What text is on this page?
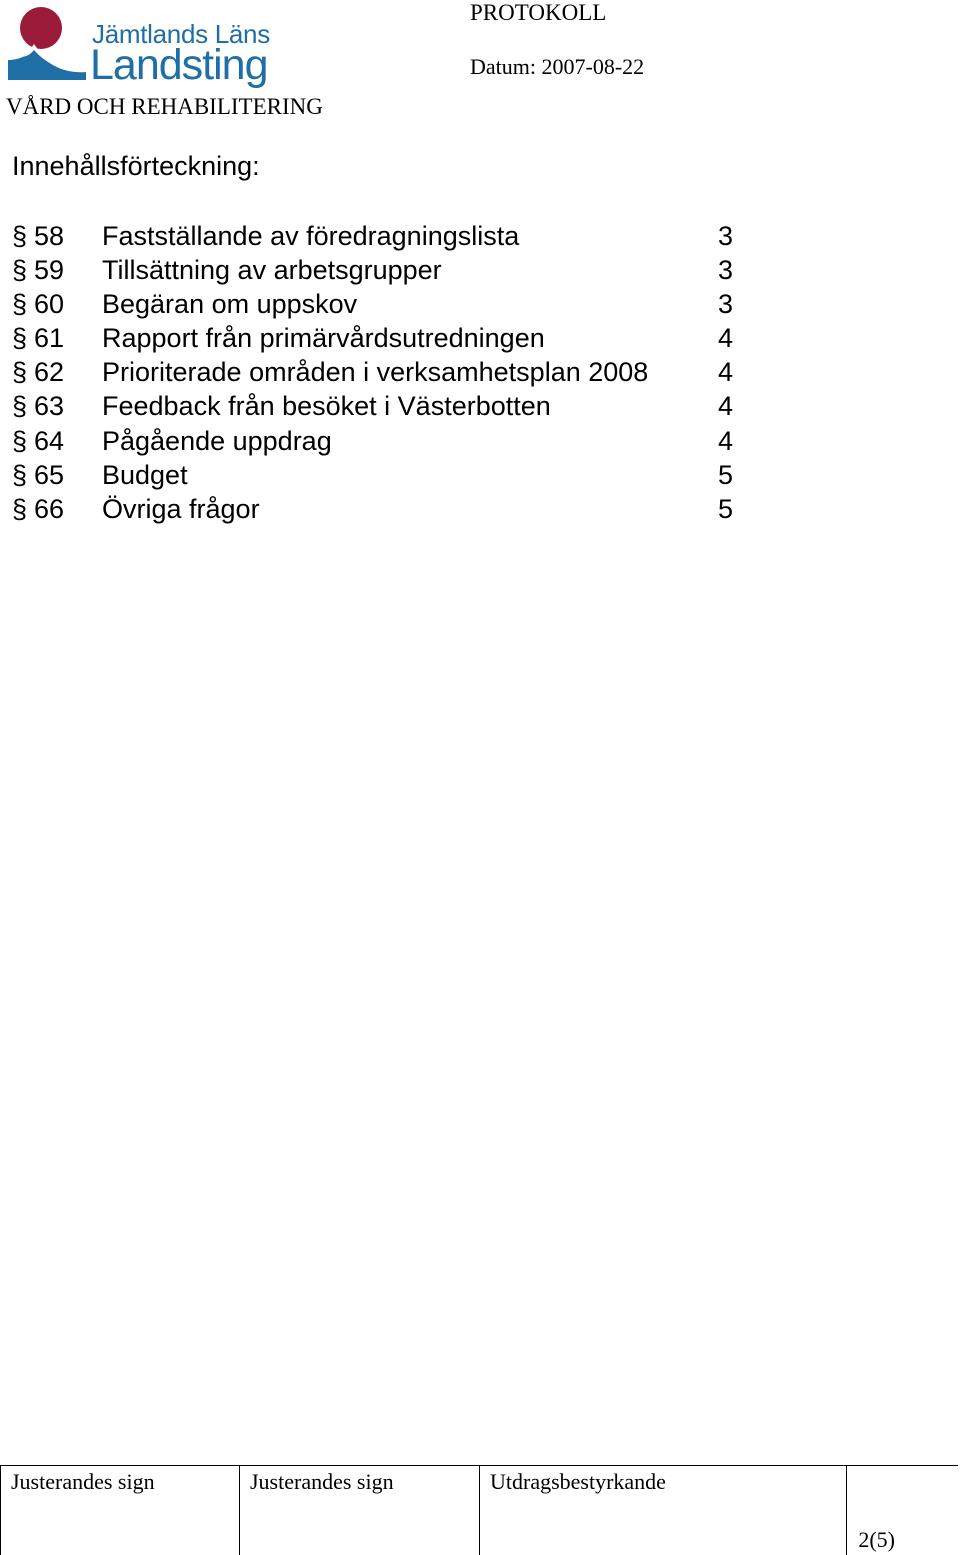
Jämtlands Läns
Landsting
VÅRD OCH REHABILITERING
PROTOKOLL
Datum: 2007-08-22
Innehållsförteckning:
§ 58 Fastställande av föredragningslista	3
§ 59 Tillsättning av arbetsgrupper	3
§ 60 Begäran om uppskov	3
§ 61 Rapport från primärvårdsutredningen	4
§ 62 Prioriterade områden i verksamhetsplan 2008	4
§ 63 Feedback från besöket i Västerbotten	4
§ 64 Pågående uppdrag	4
§ 65 Budget	5
§ 66 Övriga frågor	5
Justerandes sign	Justerandes sign	Utdragsbestyrkande
2(5)
